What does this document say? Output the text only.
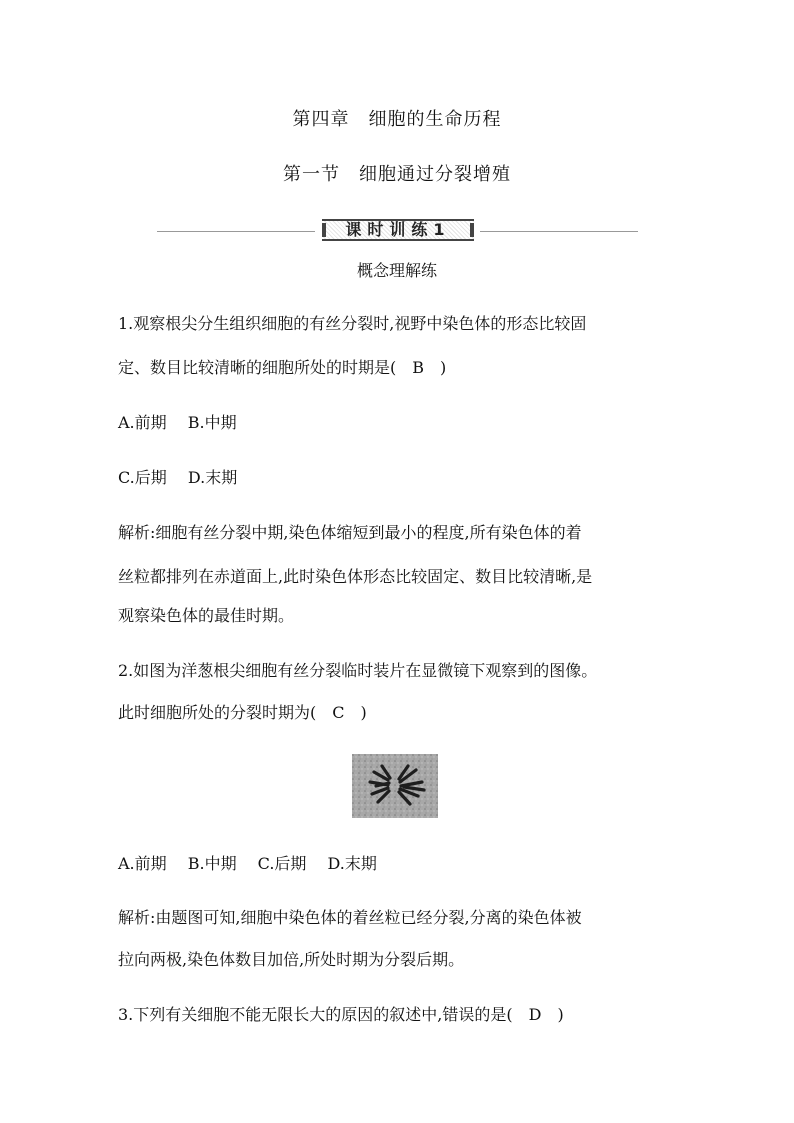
第四章　细胞的生命历程
第一节　细胞通过分裂增殖
课时训练1
概念理解练
1.观察根尖分生组织细胞的有丝分裂时,视野中染色体的形态比较固
定、数目比较清晰的细胞所处的时期是( B )
A.前期　 B.中期
C.后期　 D.末期
解析:细胞有丝分裂中期,染色体缩短到最小的程度,所有染色体的着
丝粒都排列在赤道面上,此时染色体形态比较固定、数目比较清晰,是
观察染色体的最佳时期。
2.如图为洋葱根尖细胞有丝分裂临时装片在显微镜下观察到的图像。
此时细胞所处的分裂时期为( C )
A.前期　 B.中期　 C.后期　 D.末期
解析:由题图可知,细胞中染色体的着丝粒已经分裂,分离的染色体被
拉向两极,染色体数目加倍,所处时期为分裂后期。
3.下列有关细胞不能无限长大的原因的叙述中,错误的是( D )
